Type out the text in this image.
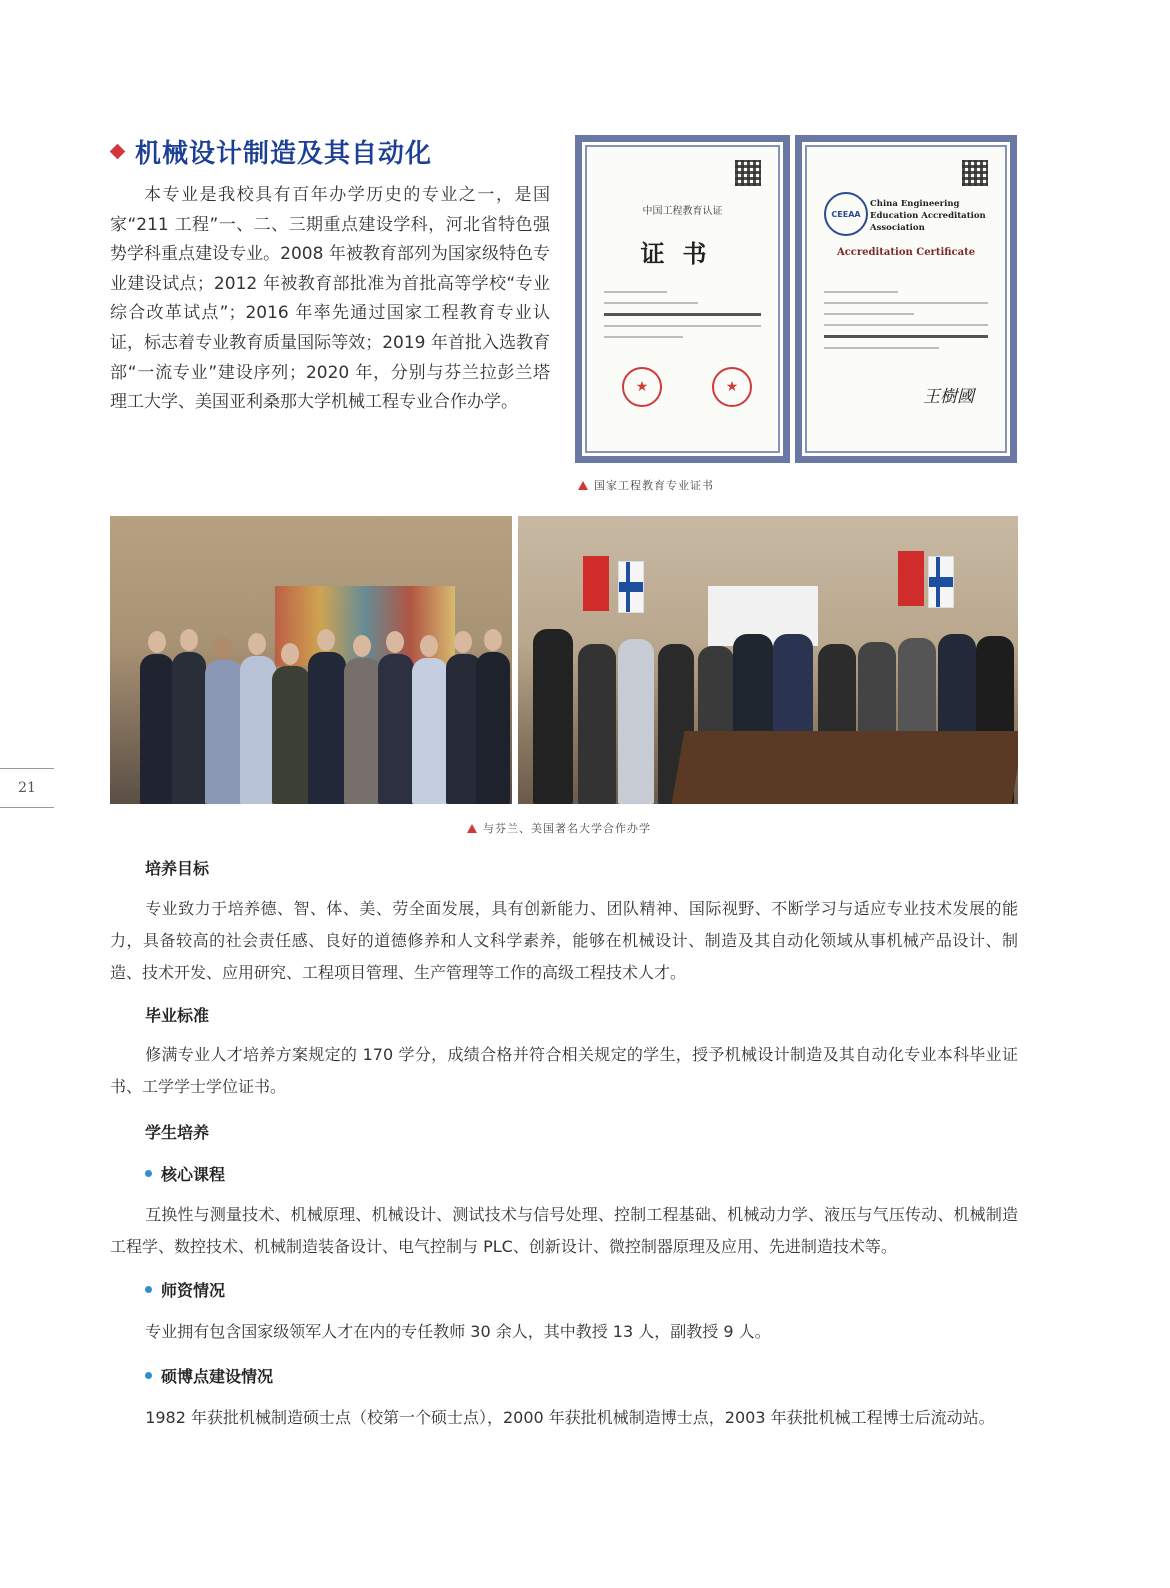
21
机械设计制造及其自动化

本专业是我校具有百年办学历史的专业之一，是国家“211 工程”一、二、三期重点建设学科，河北省特色强势学科重点建设专业。2008 年被教育部列为国家级特色专业建设试点；2012 年被教育部批准为首批高等学校“专业综合改革试点”；2016 年率先通过国家工程教育专业认证，标志着专业教育质量国际等效；2019 年首批入选教育部“一流专业”建设序列；2020 年，分别与芬兰拉彭兰塔理工大学、美国亚利桑那大学机械工程专业合作办学。

中国工程教育认证
证书
★
★
CEEAA
China Engineering Education Accreditation Association
Accreditation Certificate
王樹國
国家工程教育专业证书
与芬兰、美国著名大学合作办学
培养目标

专业致力于培养德、智、体、美、劳全面发展，具有创新能力、团队精神、国际视野、不断学习与适应专业技术发展的能力，具备较高的社会责任感、良好的道德修养和人文科学素养，能够在机械设计、制造及其自动化领域从事机械产品设计、制造、技术开发、应用研究、工程项目管理、生产管理等工作的高级工程技术人才。

毕业标准

修满专业人才培养方案规定的 170 学分，成绩合格并符合相关规定的学生，授予机械设计制造及其自动化专业本科毕业证书、工学学士学位证书。

学生培养
核心课程

互换性与测量技术、机械原理、机械设计、测试技术与信号处理、控制工程基础、机械动力学、液压与气压传动、机械制造工程学、数控技术、机械制造装备设计、电气控制与 PLC、创新设计、微控制器原理及应用、先进制造技术等。

师资情况

专业拥有包含国家级领军人才在内的专任教师 30 余人，其中教授 13 人，副教授 9 人。

硕博点建设情况

1982 年获批机械制造硕士点（校第一个硕士点），2000 年获批机械制造博士点，2003 年获批机械工程博士后流动站。
